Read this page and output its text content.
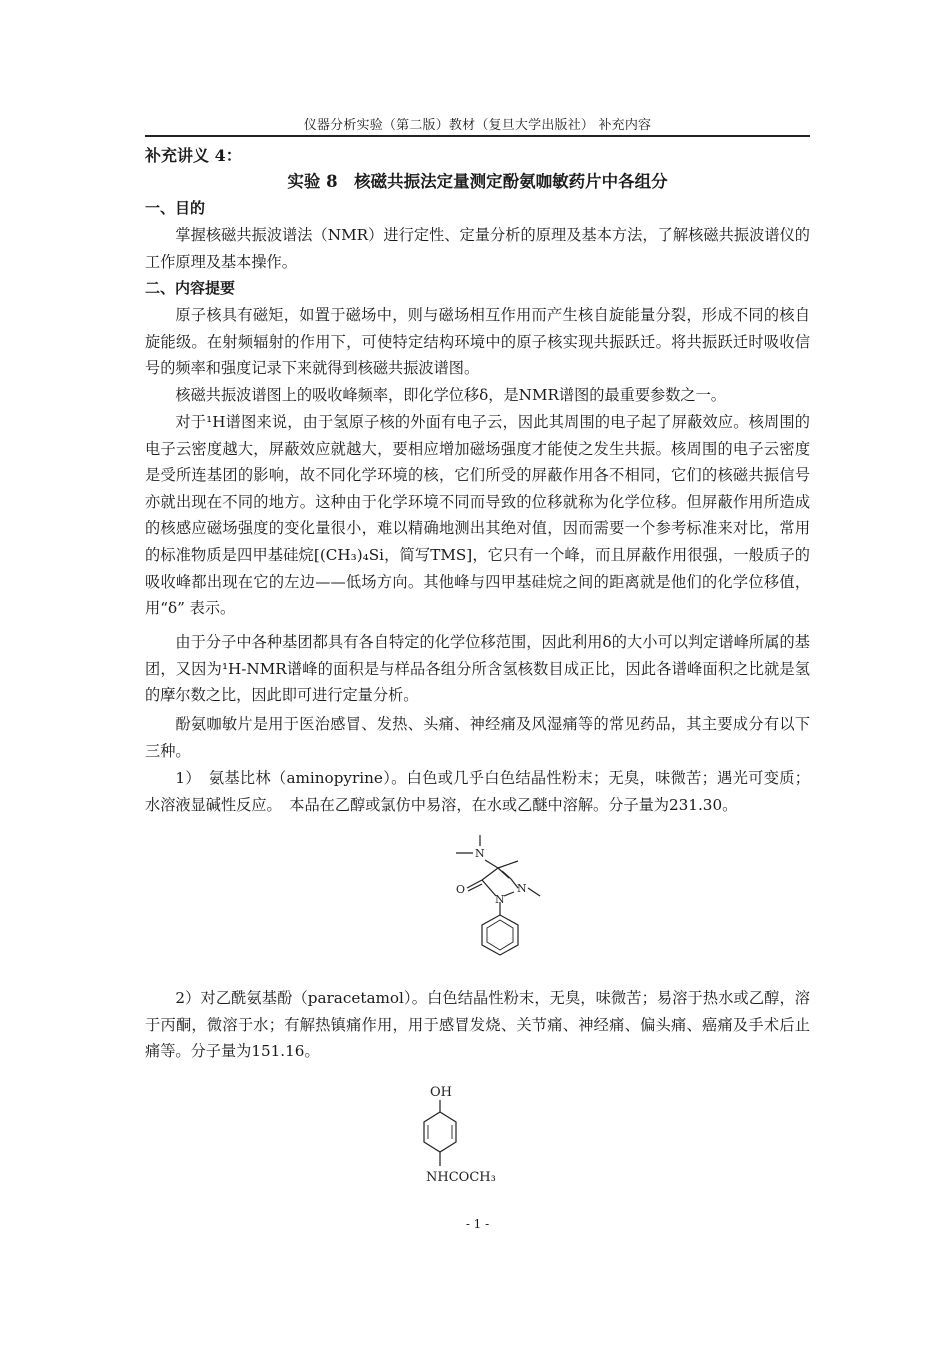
仪器分析实验（第二版）教材（复旦大学出版社） 补充内容
补充讲义 4：
实验 8　核磁共振法定量测定酚氨咖敏药片中各组分
一、目的

掌握核磁共振波谱法（NMR）进行定性、定量分析的原理及基本方法，了解核磁共振波谱仪的工作原理及基本操作。

二、内容提要

原子核具有磁矩，如置于磁场中，则与磁场相互作用而产生核自旋能量分裂，形成不同的核自旋能级。在射频辐射的作用下，可使特定结构环境中的原子核实现共振跃迁。将共振跃迁时吸收信号的频率和强度记录下来就得到核磁共振波谱图。

核磁共振波谱图上的吸收峰频率，即化学位移δ，是NMR谱图的最重要参数之一。

对于¹H谱图来说，由于氢原子核的外面有电子云，因此其周围的电子起了屏蔽效应。核周围的电子云密度越大，屏蔽效应就越大，要相应增加磁场强度才能使之发生共振。核周围的电子云密度是受所连基团的影响，故不同化学环境的核，它们所受的屏蔽作用各不相同，它们的核磁共振信号亦就出现在不同的地方。这种由于化学环境不同而导致的位移就称为化学位移。但屏蔽作用所造成的核感应磁场强度的变化量很小，难以精确地测出其绝对值，因而需要一个参考标准来对比，常用的标准物质是四甲基硅烷[(CH₃)₄Si，简写TMS]，它只有一个峰，而且屏蔽作用很强，一般质子的吸收峰都出现在它的左边——低场方向。其他峰与四甲基硅烷之间的距离就是他们的化学位移值，用“δ” 表示。

由于分子中各种基团都具有各自特定的化学位移范围，因此利用δ的大小可以判定谱峰所属的基团，又因为¹H-NMR谱峰的面积是与样品各组分所含氢核数目成正比，因此各谱峰面积之比就是氢的摩尔数之比，因此即可进行定量分析。

酚氨咖敏片是用于医治感冒、发热、头痛、神经痛及风湿痛等的常见药品，其主要成分有以下三种。

1）　氨基比林（aminopyrine）。白色或几乎白色结晶性粉末；无臭，味微苦；遇光可变质；水溶液显碱性反应。　本品在乙醇或氯仿中易溶，在水或乙醚中溶解。分子量为231.30。

N
N
N
O

2）对乙酰氨基酚（paracetamol）。白色结晶性粉末，无臭，味微苦；易溶于热水或乙醇，溶于丙酮，微溶于水；有解热镇痛作用，用于感冒发烧、关节痛、神经痛、偏头痛、癌痛及手术后止痛等。分子量为151.16。

OH
NHCOCH₃
- 1 -
